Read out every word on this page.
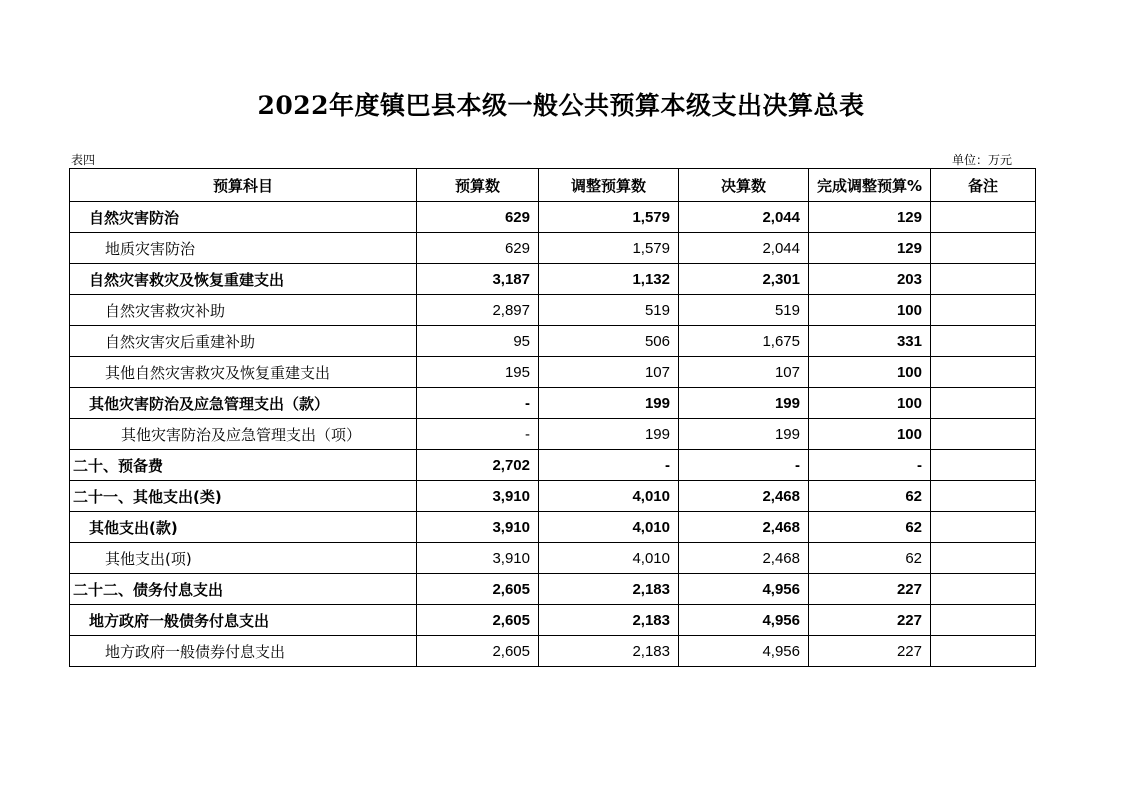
2022年度镇巴县本级一般公共预算本级支出决算总表
表四	单位：万元
预算科目	预算数	调整预算数	决算数	完成调整预算%	备注
自然灾害防治	629	1,579	2,044	129	
地质灾害防治	629	1,579	2,044	129	
自然灾害救灾及恢复重建支出	3,187	1,132	2,301	203	
自然灾害救灾补助	2,897	519	519	100	
自然灾害灾后重建补助	95	506	1,675	331	
其他自然灾害救灾及恢复重建支出	195	107	107	100	
其他灾害防治及应急管理支出（款）	-	199	199	100	
其他灾害防治及应急管理支出（项）	-	199	199	100	
二十、预备费	2,702	-	-	-	
二十一、其他支出(类)	3,910	4,010	2,468	62	
其他支出(款)	3,910	4,010	2,468	62	
其他支出(项)	3,910	4,010	2,468	62	
二十二、债务付息支出	2,605	2,183	4,956	227	
地方政府一般债务付息支出	2,605	2,183	4,956	227	
地方政府一般债券付息支出	2,605	2,183	4,956	227	
